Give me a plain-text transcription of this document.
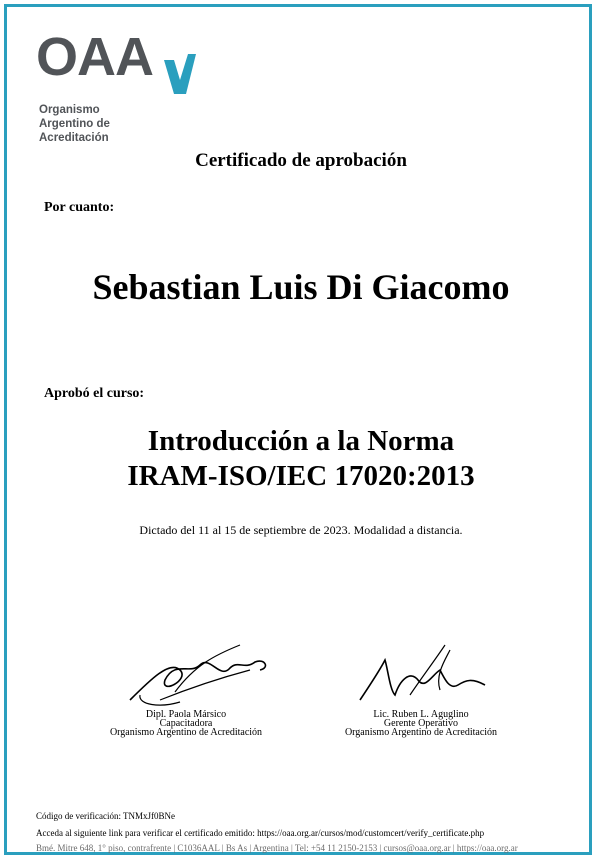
OAA
Organismo
Argentino de
Acreditación
Certificado de aprobación
Por cuanto:
Sebastian Luis Di Giacomo
Aprobó el curso:
Introducción a la Norma
IRAM-ISO/IEC 17020:2013
Dictado del 11 al 15 de septiembre de 2023. Modalidad a distancia.
Dipl. Paola Mársico
Capacitadora
Organismo Argentino de Acreditación
Lic. Ruben L. Aguglino
Gerente Operativo
Organismo Argentino de Acreditación
Código de verificación: TNMxJf0BNe
Acceda al siguiente link para verificar el certificado emitido: https://oaa.org.ar/cursos/mod/customcert/verify_certificate.php
Bmé. Mitre 648, 1° piso, contrafrente | C1036AAL | Bs As | Argentina | Tel: +54 11 2150-2153 | cursos@oaa.org.ar | https://oaa.org.ar
